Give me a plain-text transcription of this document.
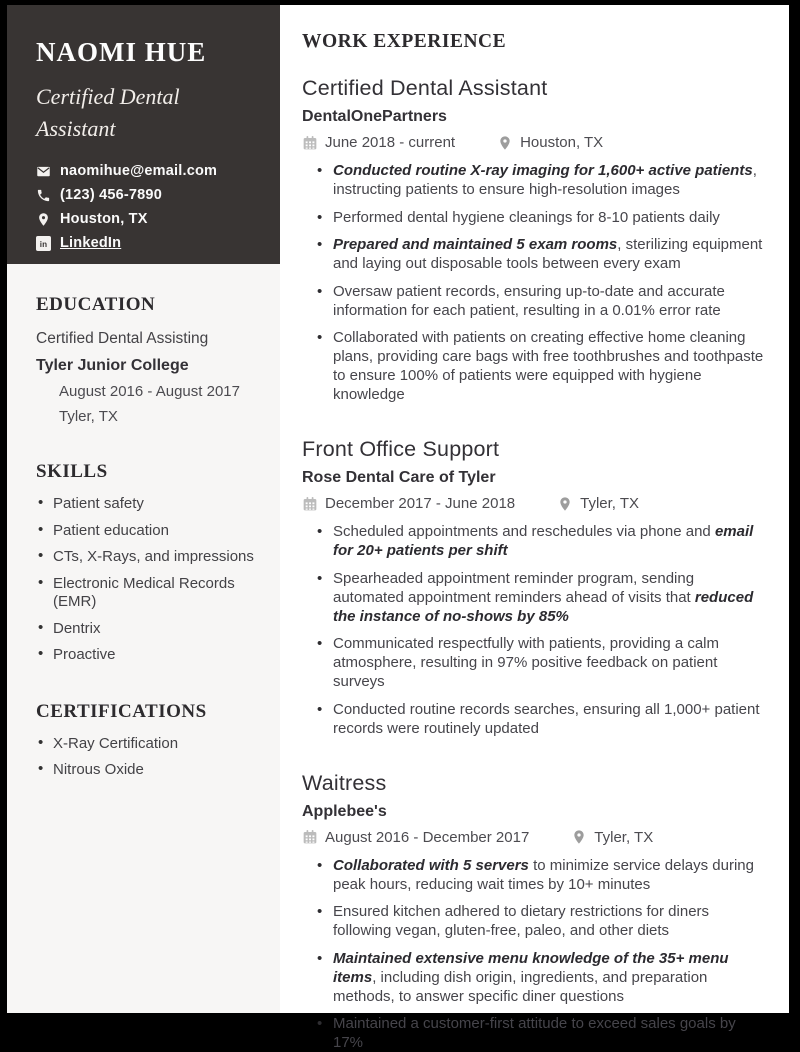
NAOMI HUE
Certified Dental Assistant
naomihue@email.com
(123) 456-7890
Houston, TX
in LinkedIn
EDUCATION
Certified Dental Assisting
Tyler Junior College
August 2016 - August 2017
Tyler, TX
SKILLS
• Patient safety
• Patient education
• CTs, X-Rays, and impressions
• Electronic Medical Records (EMR)
• Dentrix
• Proactive
CERTIFICATIONS
• X-Ray Certification
• Nitrous Oxide
WORK EXPERIENCE
Certified Dental Assistant
DentalOnePartners
June 2018 - current	Houston, TX
• Conducted routine X-ray imaging for 1,600+ active patients, instructing patients to ensure high-resolution images
• Performed dental hygiene cleanings for 8-10 patients daily
• Prepared and maintained 5 exam rooms, sterilizing equipment and laying out disposable tools between every exam
• Oversaw patient records, ensuring up-to-date and accurate information for each patient, resulting in a 0.01% error rate
• Collaborated with patients on creating effective home cleaning plans, providing care bags with free toothbrushes and toothpaste to ensure 100% of patients were equipped with hygiene knowledge
Front Office Support
Rose Dental Care of Tyler
December 2017 - June 2018	Tyler, TX
• Scheduled appointments and reschedules via phone and email for 20+ patients per shift
• Spearheaded appointment reminder program, sending automated appointment reminders ahead of visits that reduced the instance of no-shows by 85%
• Communicated respectfully with patients, providing a calm atmosphere, resulting in 97% positive feedback on patient surveys
• Conducted routine records searches, ensuring all 1,000+ patient records were routinely updated
Waitress
Applebee's
August 2016 - December 2017	Tyler, TX
• Collaborated with 5 servers to minimize service delays during peak hours, reducing wait times by 10+ minutes
• Ensured kitchen adhered to dietary restrictions for diners following vegan, gluten-free, paleo, and other diets
• Maintained extensive menu knowledge of the 35+ menu items, including dish origin, ingredients, and preparation methods, to answer specific diner questions
• Maintained a customer-first attitude to exceed sales goals by 17%
